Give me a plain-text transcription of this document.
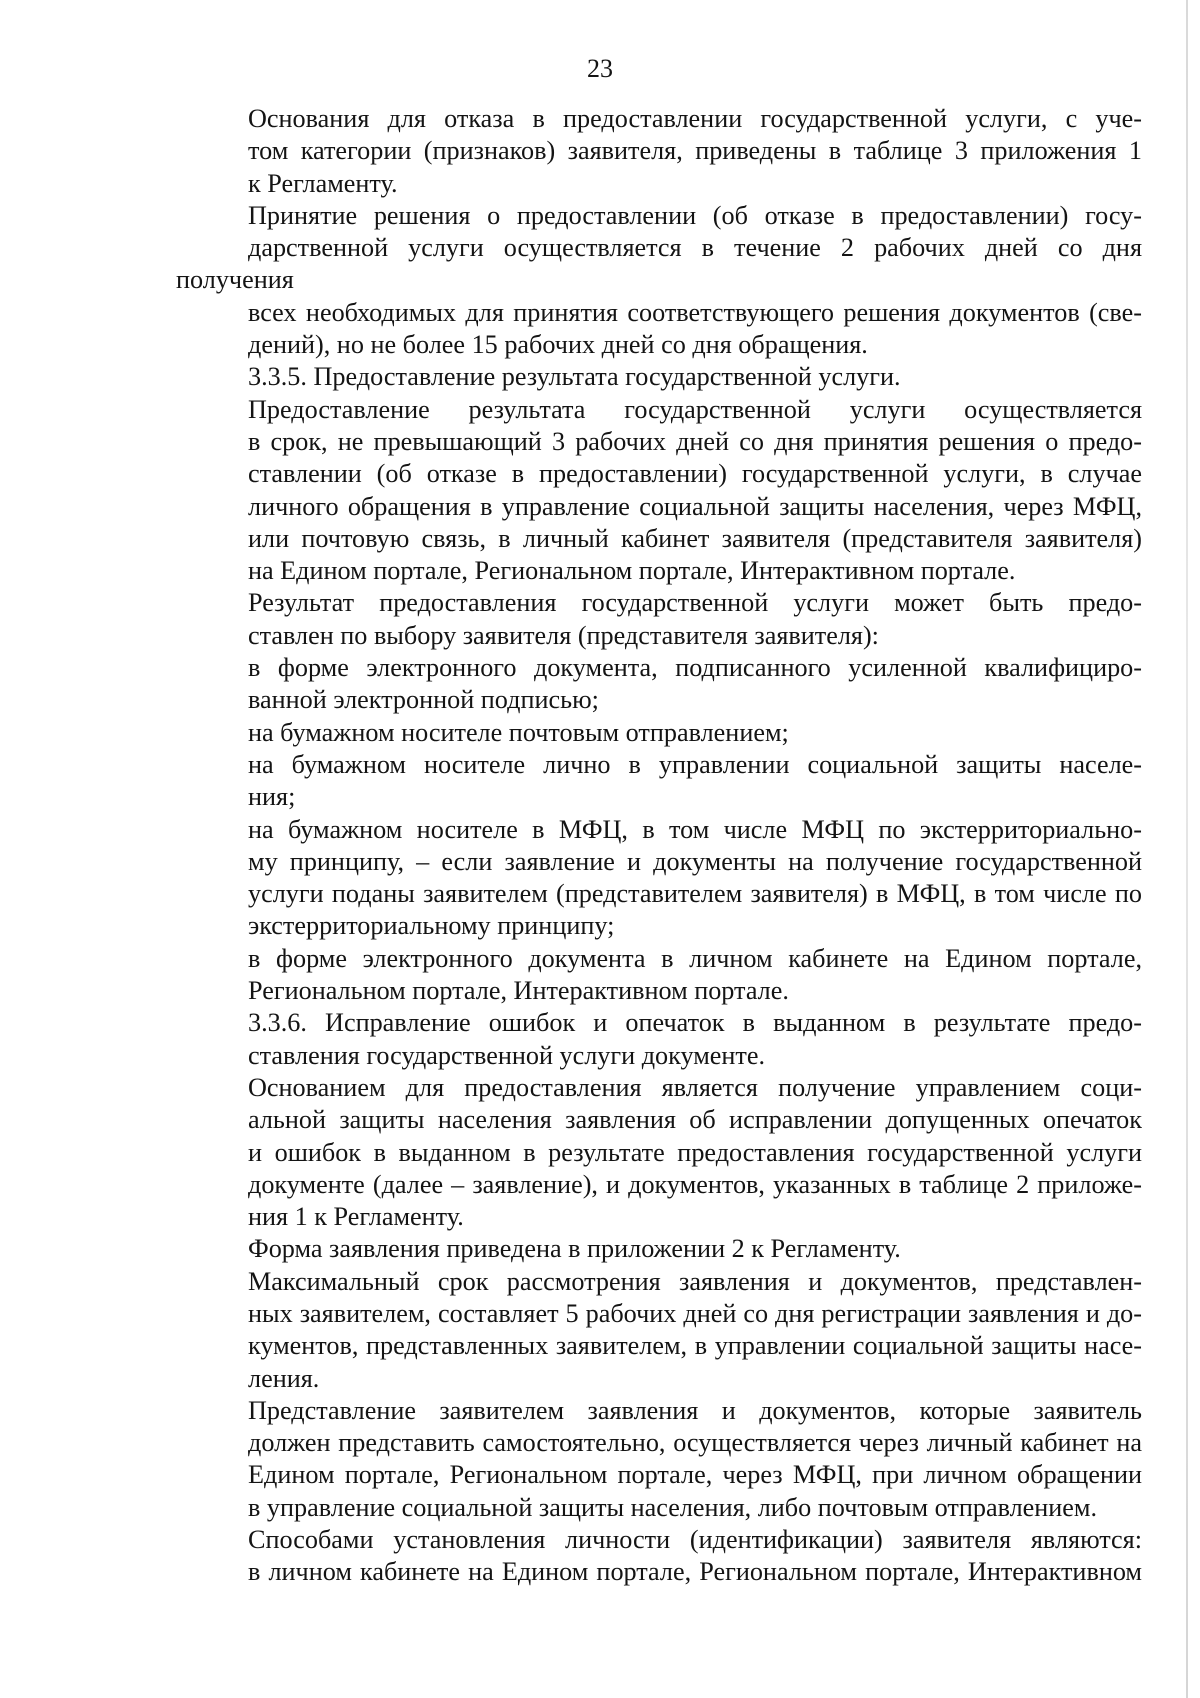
23

Основания для отказа в предоставлении государственной услуги, с уче-
том категории (признаков) заявителя, приведены в таблице 3 приложения 1
к Регламенту.

Принятие решения о предоставлении (об отказе в предоставлении) госу-
дарственной услуги осуществляется в течение 2 рабочих дней со дня получения
всех необходимых для принятия соответствующего решения документов (све-
дений), но не более 15 рабочих дней со дня обращения.

3.3.5. Предоставление результата государственной услуги.

Предоставление результата государственной услуги осуществляется
в срок, не превышающий 3 рабочих дней со дня принятия решения о предо-
ставлении (об отказе в предоставлении) государственной услуги, в случае
личного обращения в управление социальной защиты населения, через МФЦ,
или почтовую связь, в личный кабинет заявителя (представителя заявителя)
на Едином портале, Региональном портале, Интерактивном портале.

Результат предоставления государственной услуги может быть предо-
ставлен по выбору заявителя (представителя заявителя):

в форме электронного документа, подписанного усиленной квалифициро-
ванной электронной подписью;

на бумажном носителе почтовым отправлением;

на бумажном носителе лично в управлении социальной защиты населе-
ния;

на бумажном носителе в МФЦ, в том числе МФЦ по экстерриториально-
му принципу, – если заявление и документы на получение государственной
услуги поданы заявителем (представителем заявителя) в МФЦ, в том числе по
экстерриториальному принципу;

в форме электронного документа в личном кабинете на Едином портале,
Региональном портале, Интерактивном портале.

3.3.6. Исправление ошибок и опечаток в выданном в результате предо-
ставления государственной услуги документе.

Основанием для предоставления является получение управлением соци-
альной защиты населения заявления об исправлении допущенных опечаток
и ошибок в выданном в результате предоставления государственной услуги
документе (далее – заявление), и документов, указанных в таблице 2 приложе-
ния 1 к Регламенту.

Форма заявления приведена в приложении 2 к Регламенту.

Максимальный срок рассмотрения заявления и документов, представлен-
ных заявителем, составляет 5 рабочих дней со дня регистрации заявления и до-
кументов, представленных заявителем, в управлении социальной защиты насе-
ления.

Представление заявителем заявления и документов, которые заявитель
должен представить самостоятельно, осуществляется через личный кабинет на
Едином портале, Региональном портале, через МФЦ, при личном обращении
в управление социальной защиты населения, либо почтовым отправлением.

Способами установления личности (идентификации) заявителя являются:
в личном кабинете на Едином портале, Региональном портале, Интерактивном
